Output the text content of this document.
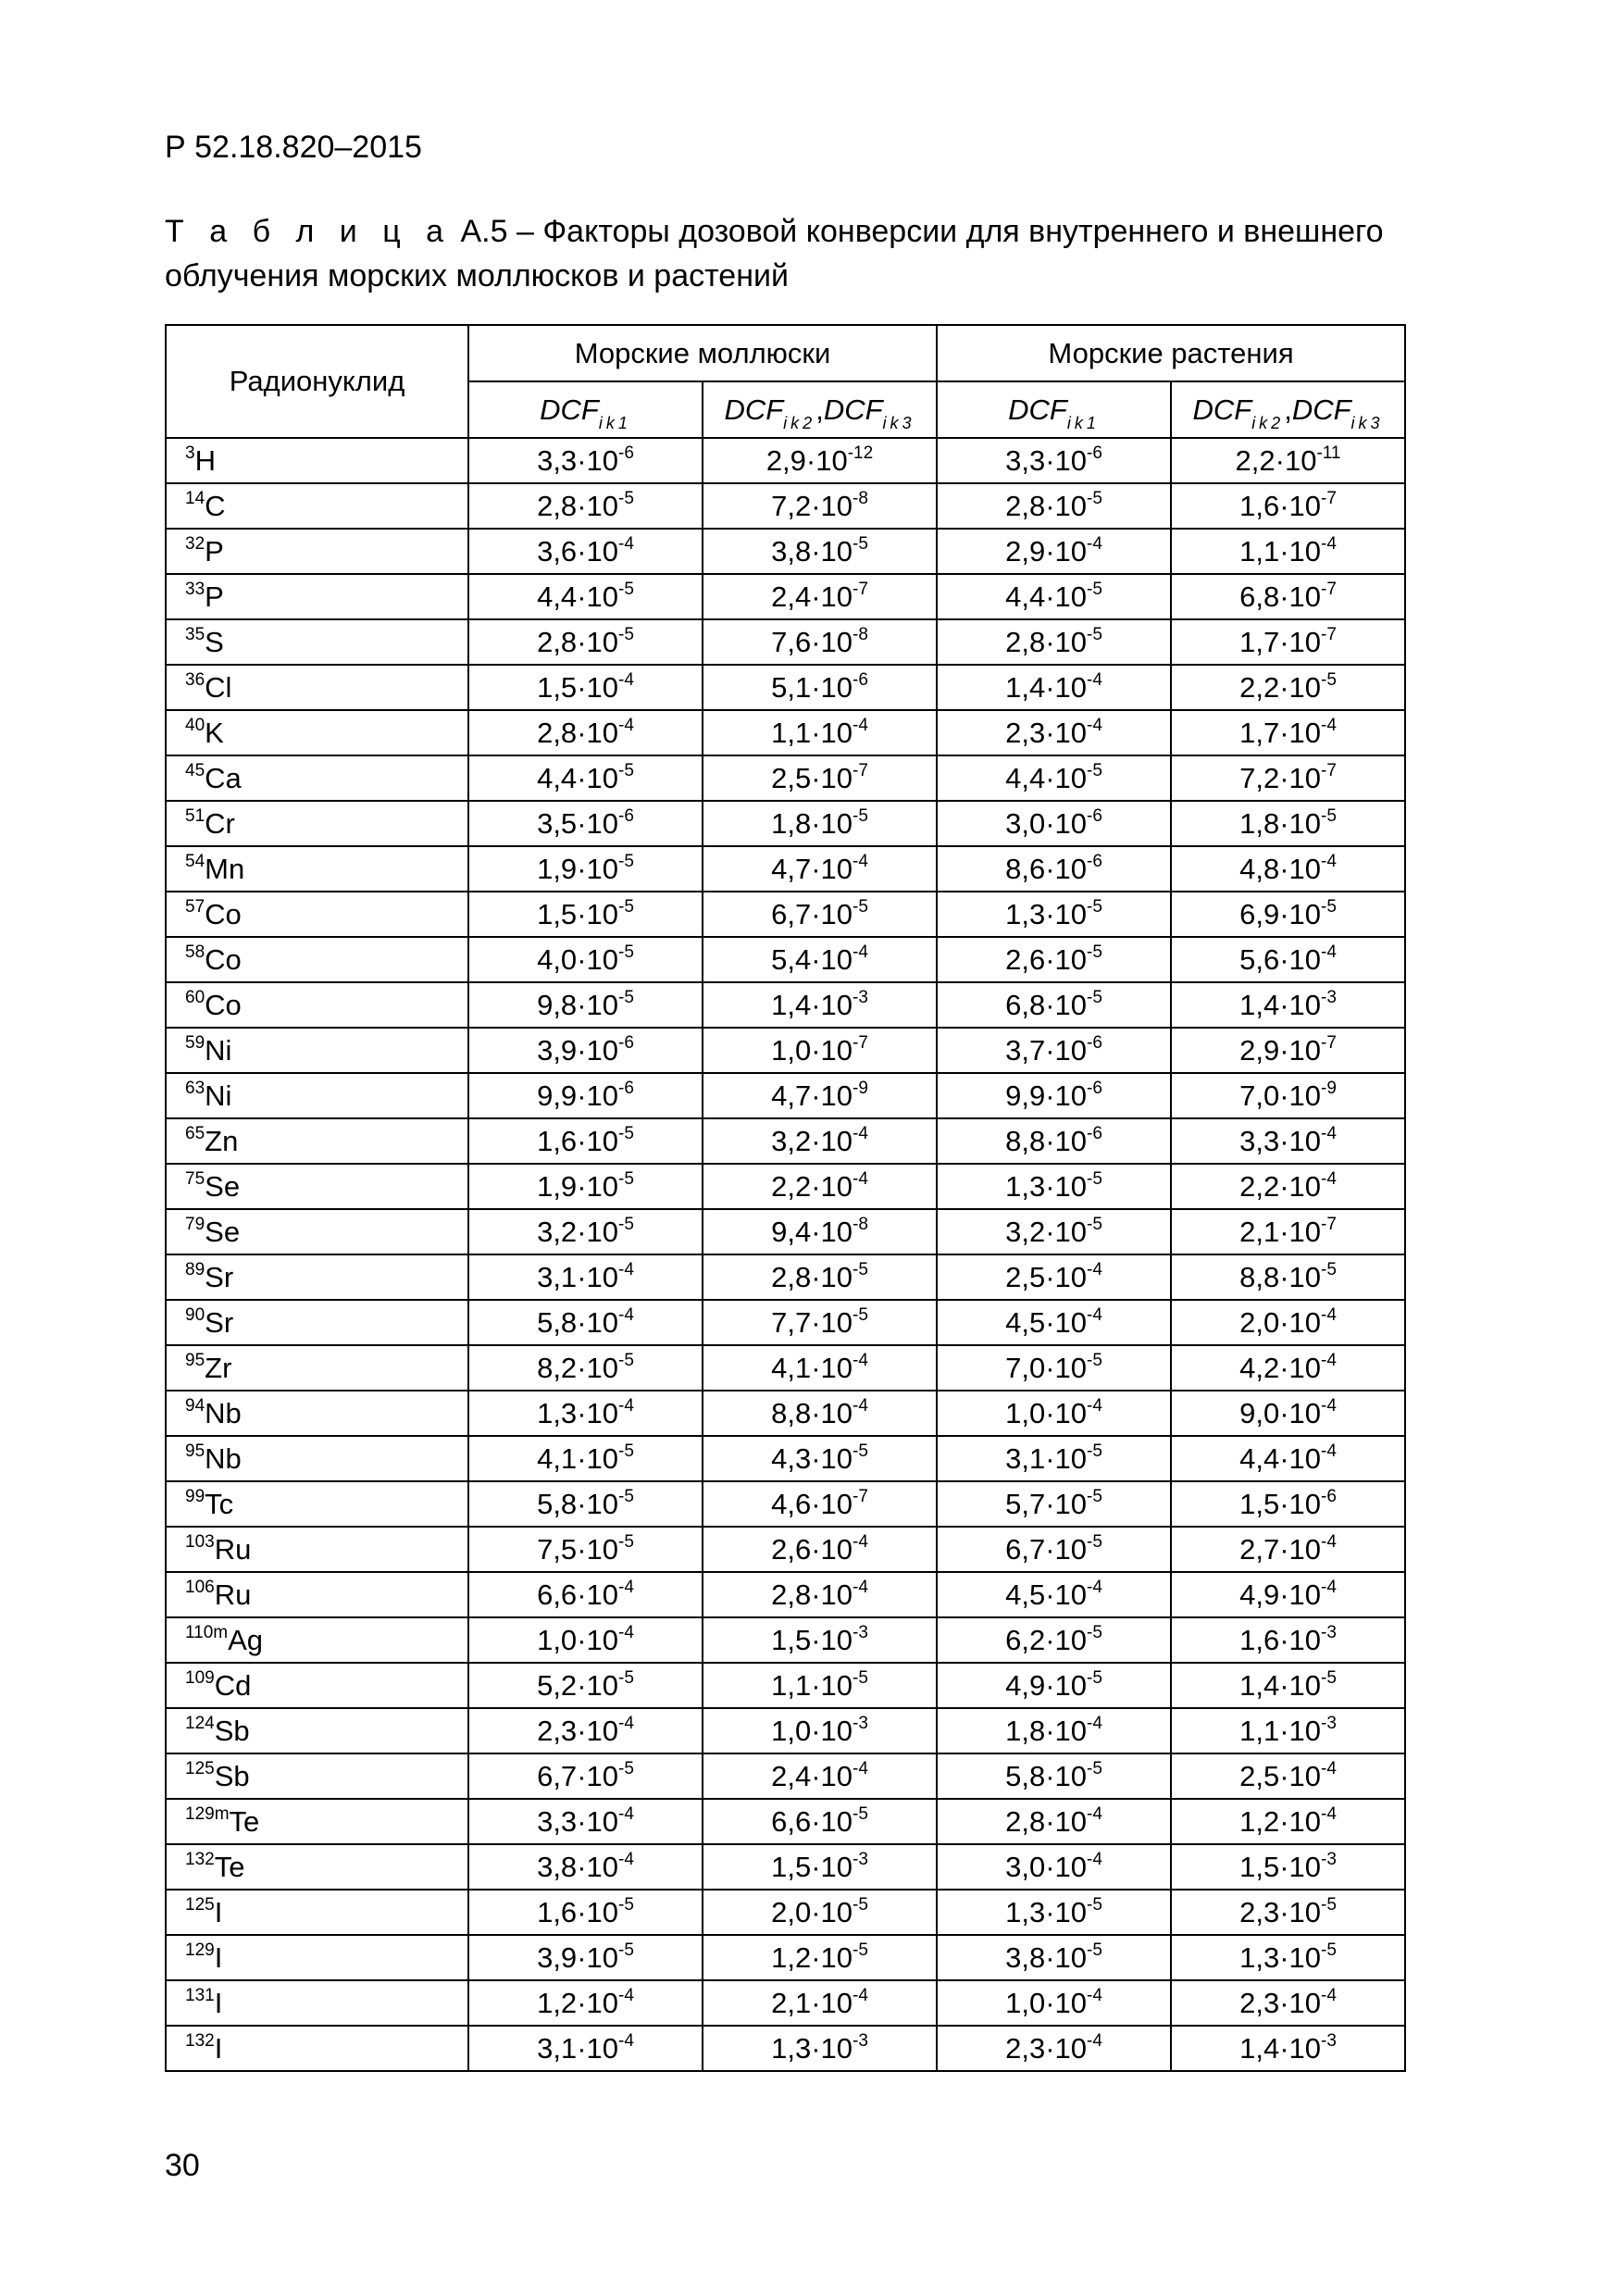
Р 52.18.820–2015
Т а б л и ц а А.5 – Факторы дозовой конверсии для внутреннего и внешнего
облучения морских моллюсков и растений
Радионуклид	Морские моллюски		Морские растения	
	$DCF_{ik1}$	$DCF_{ik2},DCF_{ik3}$	$DCF_{ik1}$	$DCF_{ik2},DCF_{ik3}$
$^3$H	$3,3\cdot 10^{-6}$	$2,9\cdot 10^{-12}$	$3,3\cdot 10^{-6}$	$2,2\cdot 10^{-11}$
$^{14}$C	$2,8\cdot 10^{-5}$	$7,2\cdot 10^{-8}$	$2,8\cdot 10^{-5}$	$1,6\cdot 10^{-7}$
$^{32}$P	$3,6\cdot 10^{-4}$	$3,8\cdot 10^{-5}$	$2,9\cdot 10^{-4}$	$1,1\cdot 10^{-4}$
$^{33}$P	$4,4\cdot 10^{-5}$	$2,4\cdot 10^{-7}$	$4,4\cdot 10^{-5}$	$6,8\cdot 10^{-7}$
$^{35}$S	$2,8\cdot 10^{-5}$	$7,6\cdot 10^{-8}$	$2,8\cdot 10^{-5}$	$1,7\cdot 10^{-7}$
$^{36}$Cl	$1,5\cdot 10^{-4}$	$5,1\cdot 10^{-6}$	$1,4\cdot 10^{-4}$	$2,2\cdot 10^{-5}$
$^{40}$K	$2,8\cdot 10^{-4}$	$1,1\cdot 10^{-4}$	$2,3\cdot 10^{-4}$	$1,7\cdot 10^{-4}$
$^{45}$Ca	$4,4\cdot 10^{-5}$	$2,5\cdot 10^{-7}$	$4,4\cdot 10^{-5}$	$7,2\cdot 10^{-7}$
$^{51}$Cr	$3,5\cdot 10^{-6}$	$1,8\cdot 10^{-5}$	$3,0\cdot 10^{-6}$	$1,8\cdot 10^{-5}$
$^{54}$Mn	$1,9\cdot 10^{-5}$	$4,7\cdot 10^{-4}$	$8,6\cdot 10^{-6}$	$4,8\cdot 10^{-4}$
$^{57}$Co	$1,5\cdot 10^{-5}$	$6,7\cdot 10^{-5}$	$1,3\cdot 10^{-5}$	$6,9\cdot 10^{-5}$
$^{58}$Co	$4,0\cdot 10^{-5}$	$5,4\cdot 10^{-4}$	$2,6\cdot 10^{-5}$	$5,6\cdot 10^{-4}$
$^{60}$Co	$9,8\cdot 10^{-5}$	$1,4\cdot 10^{-3}$	$6,8\cdot 10^{-5}$	$1,4\cdot 10^{-3}$
$^{59}$Ni	$3,9\cdot 10^{-6}$	$1,0\cdot 10^{-7}$	$3,7\cdot 10^{-6}$	$2,9\cdot 10^{-7}$
$^{63}$Ni	$9,9\cdot 10^{-6}$	$4,7\cdot 10^{-9}$	$9,9\cdot 10^{-6}$	$7,0\cdot 10^{-9}$
$^{65}$Zn	$1,6\cdot 10^{-5}$	$3,2\cdot 10^{-4}$	$8,8\cdot 10^{-6}$	$3,3\cdot 10^{-4}$
$^{75}$Se	$1,9\cdot 10^{-5}$	$2,2\cdot 10^{-4}$	$1,3\cdot 10^{-5}$	$2,2\cdot 10^{-4}$
$^{79}$Se	$3,2\cdot 10^{-5}$	$9,4\cdot 10^{-8}$	$3,2\cdot 10^{-5}$	$2,1\cdot 10^{-7}$
$^{89}$Sr	$3,1\cdot 10^{-4}$	$2,8\cdot 10^{-5}$	$2,5\cdot 10^{-4}$	$8,8\cdot 10^{-5}$
$^{90}$Sr	$5,8\cdot 10^{-4}$	$7,7\cdot 10^{-5}$	$4,5\cdot 10^{-4}$	$2,0\cdot 10^{-4}$
$^{95}$Zr	$8,2\cdot 10^{-5}$	$4,1\cdot 10^{-4}$	$7,0\cdot 10^{-5}$	$4,2\cdot 10^{-4}$
$^{94}$Nb	$1,3\cdot 10^{-4}$	$8,8\cdot 10^{-4}$	$1,0\cdot 10^{-4}$	$9,0\cdot 10^{-4}$
$^{95}$Nb	$4,1\cdot 10^{-5}$	$4,3\cdot 10^{-5}$	$3,1\cdot 10^{-5}$	$4,4\cdot 10^{-4}$
$^{99}$Tc	$5,8\cdot 10^{-5}$	$4,6\cdot 10^{-7}$	$5,7\cdot 10^{-5}$	$1,5\cdot 10^{-6}$
$^{103}$Ru	$7,5\cdot 10^{-5}$	$2,6\cdot 10^{-4}$	$6,7\cdot 10^{-5}$	$2,7\cdot 10^{-4}$
$^{106}$Ru	$6,6\cdot 10^{-4}$	$2,8\cdot 10^{-4}$	$4,5\cdot 10^{-4}$	$4,9\cdot 10^{-4}$
$^{110m}$Ag	$1,0\cdot 10^{-4}$	$1,5\cdot 10^{-3}$	$6,2\cdot 10^{-5}$	$1,6\cdot 10^{-3}$
$^{109}$Cd	$5,2\cdot 10^{-5}$	$1,1\cdot 10^{-5}$	$4,9\cdot 10^{-5}$	$1,4\cdot 10^{-5}$
$^{124}$Sb	$2,3\cdot 10^{-4}$	$1,0\cdot 10^{-3}$	$1,8\cdot 10^{-4}$	$1,1\cdot 10^{-3}$
$^{125}$Sb	$6,7\cdot 10^{-5}$	$2,4\cdot 10^{-4}$	$5,8\cdot 10^{-5}$	$2,5\cdot 10^{-4}$
$^{129m}$Te	$3,3\cdot 10^{-4}$	$6,6\cdot 10^{-5}$	$2,8\cdot 10^{-4}$	$1,2\cdot 10^{-4}$
$^{132}$Te	$3,8\cdot 10^{-4}$	$1,5\cdot 10^{-3}$	$3,0\cdot 10^{-4}$	$1,5\cdot 10^{-3}$
$^{125}$I	$1,6\cdot 10^{-5}$	$2,0\cdot 10^{-5}$	$1,3\cdot 10^{-5}$	$2,3\cdot 10^{-5}$
$^{129}$I	$3,9\cdot 10^{-5}$	$1,2\cdot 10^{-5}$	$3,8\cdot 10^{-5}$	$1,3\cdot 10^{-5}$
$^{131}$I	$1,2\cdot 10^{-4}$	$2,1\cdot 10^{-4}$	$1,0\cdot 10^{-4}$	$2,3\cdot 10^{-4}$
$^{132}$I	$3,1\cdot 10^{-4}$	$1,3\cdot 10^{-3}$	$2,3\cdot 10^{-4}$	$1,4\cdot 10^{-3}$
30
